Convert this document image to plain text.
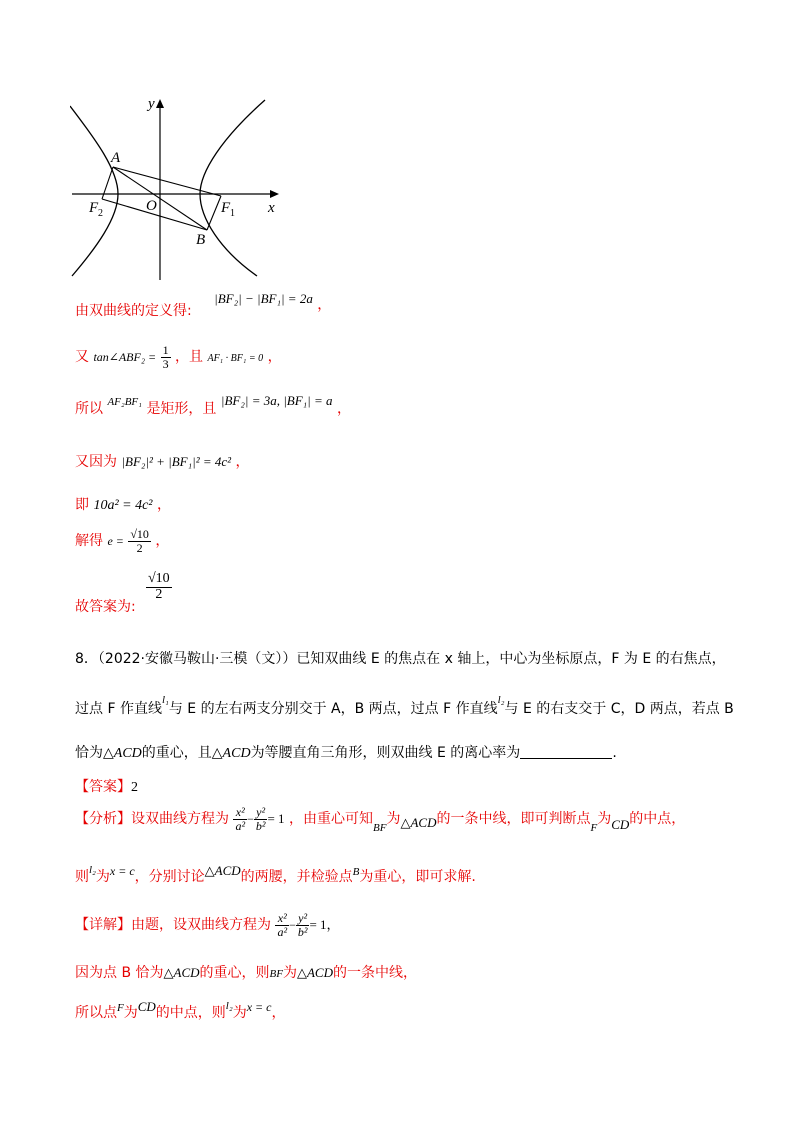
y
x
A
O
F 2	F 1
B
由双曲线的定义得: |BF₂| − |BF₁| = 2a ，
又 tan∠ABF₂ = $\frac{1}{3}$ ，且 AF₁ · BF₁ = 0 ，
所以 $^{AF_2BF_1}$ 是矩形，且 |BF₂| = 3a, |BF₁| = a ，
又因为 |BF₂|² + |BF₁|² = 4c² ，
即 10a² = 4c² ，
解得 $e = \frac{√10}{2}$ ，
$\frac{√10}{2}$
故答案为:
8．（2022·安徽马鞍山·三模（文））已知双曲线 E 的焦点在 x 轴上，中心为坐标原点，F 为 E 的右焦点，
过点 F 作直线$^{l_1}$与 E 的左右两支分别交于 A，B 两点，过点 F 作直线$^{l_2}$与 E 的右支交于 C，D 两点，若点 B
恰为△ACD的重心，且△ACD为等腰直角三角形，则双曲线 E 的离心率为	.
【答案】2
【分析】设双曲线方程为 $\frac{\text{x²}}{\text{a²}} - \frac{\text{y²}}{\text{b²}} = 1$ ，由重心可知$_{BF}$为△ACD的一条中线，即可判断点$_F$为CD的中点，
则$^{l_2}$为x = c，分别讨论△ACD的两腰，并检验点$^B$为重心，即可求解.
【详解】由题，设双曲线方程为 $\frac{\text{x²}}{\text{a²}} - \frac{\text{y²}}{\text{b²}} = 1$，
因为点 B 恰为△ACD的重心，则BF为△ACD的一条中线，
所以点$^F$为CD的中点，则$^{l_2}$为x = c，
